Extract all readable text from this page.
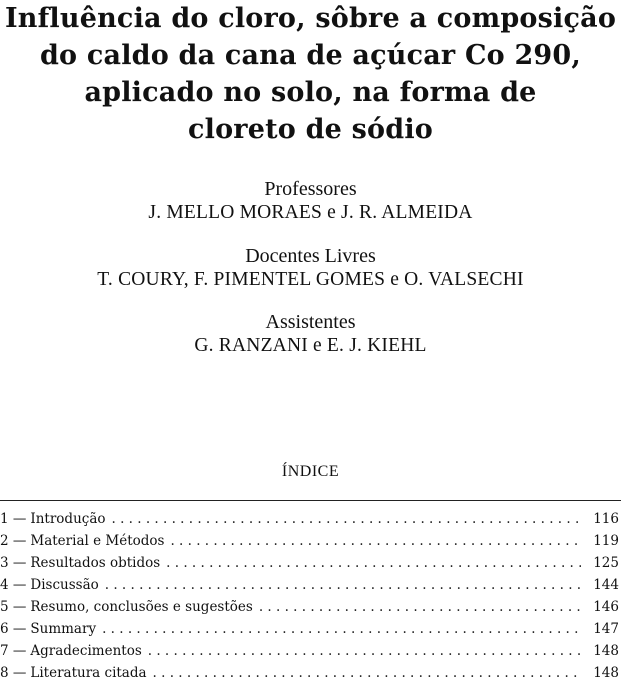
Influência do cloro, sôbre a composição
do caldo da cana de açúcar Co 290,
aplicado no solo, na forma de
cloreto de sódio
Professores
J. MELLO MORAES e J. R. ALMEIDA
Docentes Livres
T. COURY, F. PIMENTEL GOMES e O. VALSECHI
Assistentes
G. RANZANI e E. J. KIEHL
ÍNDICE
1 — Introdução . . .	116
2 — Material e Métodos . . .	119
3 — Resultados obtidos . . .	125
4 — Discussão . . .	144
5 — Resumo, conclusões e sugestões . . .	146
6 — Summary . . .	147
7 — Agradecimentos . . .	148
8 — Literatura citada . . .	148
